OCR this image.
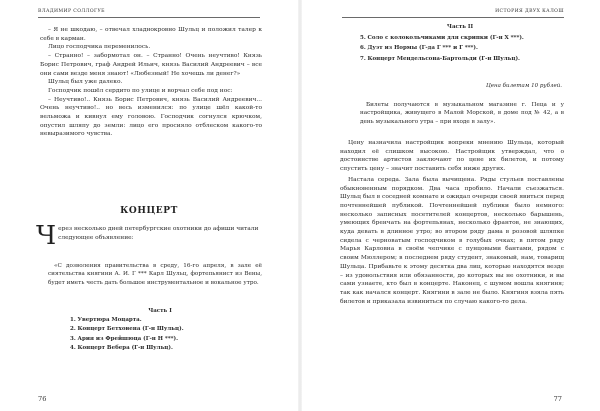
ВЛАДИМИР СОЛЛОГУБ

– Я не шкодаю, – отвечал хладнокровно Шульц и положил талер к себе в карман.

Лицо господчика переменилось.

– Странно! – забормотал он. – Странно! Очень неучтиво! Князь Борис Петрович, граф Андрей Ильич, князь Василий Андреевич – все они сами везде меня знают! «Любезный! Не хочешь ли денег?»

Шульц был уже далеко.

Господчик пошёл сердито по улице и ворчал себе под нос:

– Неучтиво!.. Князь Борис Петрович, князь Василий Андреевич... Очень неучтиво!.. но весь изменился: по улице шёл какой-то вельможа и кивнул ему головою. Господчик согнулся крючком, опустил шляпу до земли: лицо его просияло отблеском какого-то невыразимого чувства.

КОНЦЕРТ
Через несколько дней петербургские охотники до афиши читали следующее объявление:

«С дозволения правительства в среду, 16-го апреля, в зале её сиятельства княгини А. И. Г *** Карл Шульц, фортепьянист из Вены, будет иметь честь дать большое инструментальное и вокальное утро.

Часть I

1. Увертюра Моцарта.
2. Концерт Бетховена (Г-н Шульц).
3. Ария из Фрейшюца (Г-н Н ***).
4. Концерт Вебера (Г-н Шульц).
76
ИСТОРИЯ ДВУХ КАЛОШ

Часть II

5. Соло с колокольчиками для скрипки (Г-н Х ***).
6. Дуэт из Нормы (Г-да Г *** и Г ***).
7. Концерт Мендельсона-Бартольди (Г-н Шульц).
Цена билетам 10 рублей.

Билеты получаются в музыкальном магазине г. Пеца и у настройщика, живущего в Малой Морской, в доме под № 42, а в день музыкального утра – при входе в залу».

Цену назначила настройщик вопреки мнению Шульца, который находил её слишком высокою. Настройщик утверждал, что о достоинстве артистов заключают по цене их билетов, и потому спустить цену – значит поставить себя ниже других.

Настала середа. Зала была вычищена. Ряды стульев поставлены обыкновенным порядком. Два часа пробило. Начали съезжаться. Шульц был в соседней комнате и ожидал очереди своей явиться перед почтеннейшей публикой. Почтеннейшей публики было немного: несколько записных посетителей концертов, несколько барышень, умеющих бренчать на фортепьянах, несколько франтов, не знающих, куда девать в длинное утро; во втором ряду дама в розовой шляпке сидела с черноватым господчиком в голубых очках; в пятом ряду Марья Карловна в своём чепчике с пунцовыми бантами, рядом с своим Мюллером; в последнем ряду студент, знакомый, нам, товарищ Шульца. Прибавьте к этому десятка два лиц, которые находятся везде – из удовольствия или обязанности, до которых вы не охотники, и вы сами узнаете, кто был в концерте. Наконец, с шумом вошла княгиня; так как начался концерт. Княгини в зале не было. Княгиня взяла пять билетов и приказала извиниться по случаю какого-то дела.

77
